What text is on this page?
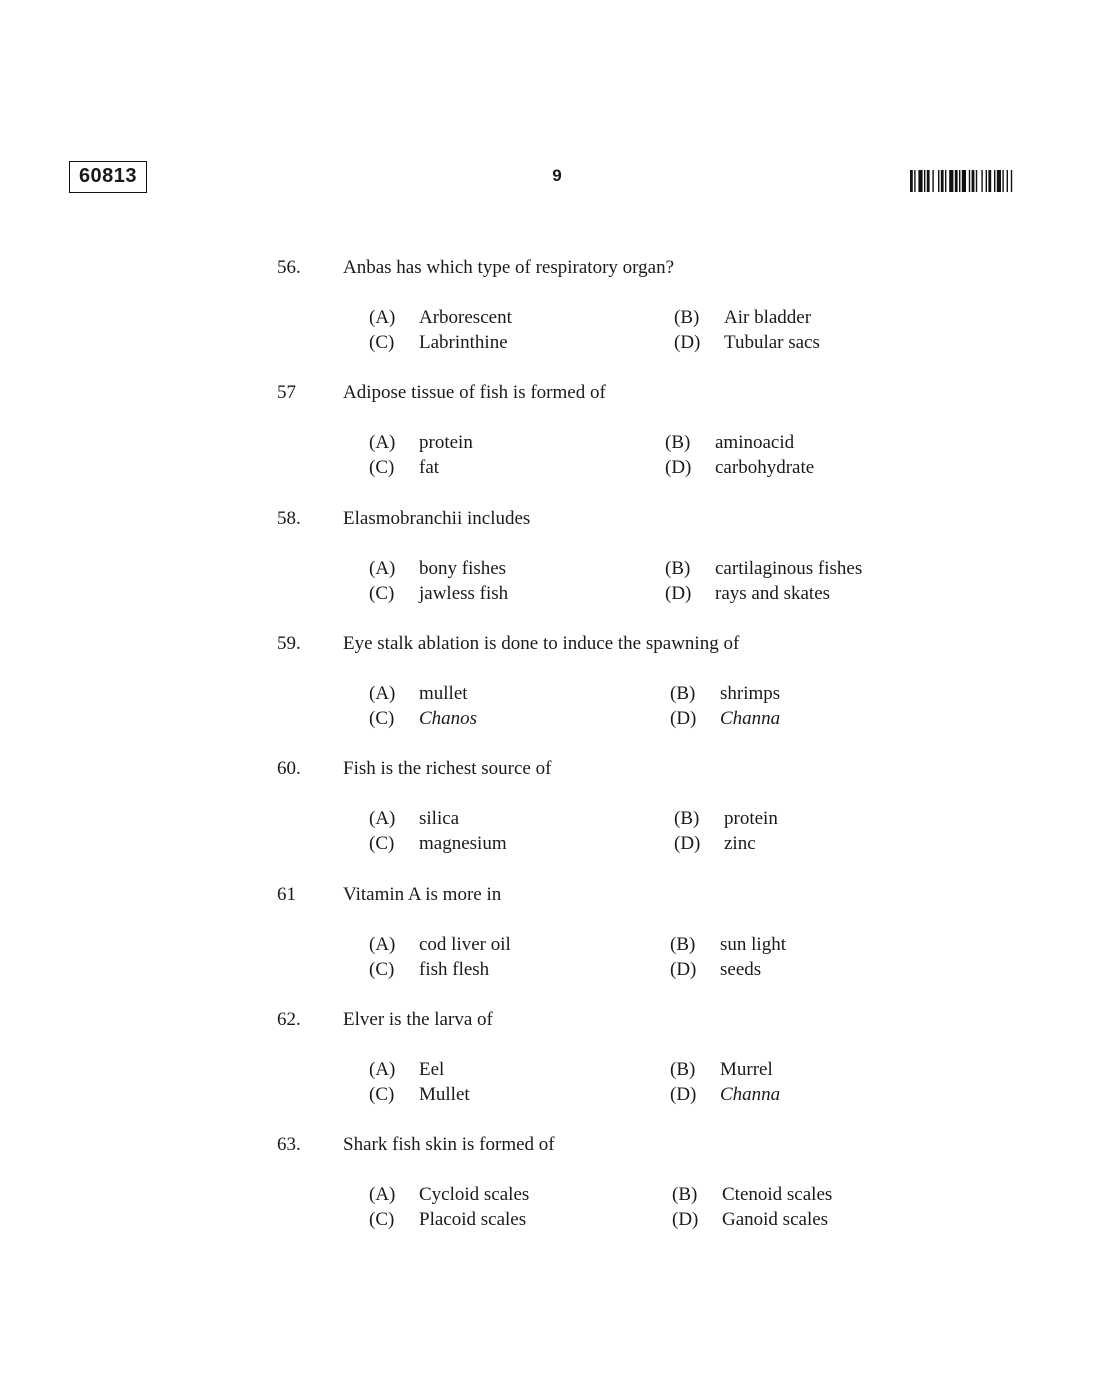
60813	9
56. Anbas has which type of respiratory organ?
(A) Arborescent	(B) Air bladder
(C) Labrinthine	(D) Tubular sacs
57 Adipose tissue of fish is formed of
(A) protein	(B) aminoacid
(C) fat	(D) carbohydrate
58. Elasmobranchii includes
(A) bony fishes	(B) cartilaginous fishes
(C) jawless fish	(D) rays and skates
59. Eye stalk ablation is done to induce the spawning of
(A) mullet	(B) shrimps
(C) Chanos	(D) Channa
60. Fish is the richest source of
(A) silica	(B) protein
(C) magnesium	(D) zinc
61 Vitamin A is more in
(A) cod liver oil	(B) sun light
(C) fish flesh	(D) seeds
62. Elver is the larva of
(A) Eel	(B) Murrel
(C) Mullet	(D) Channa
63. Shark fish skin is formed of
(A) Cycloid scales	(B) Ctenoid scales
(C) Placoid scales	(D) Ganoid scales
